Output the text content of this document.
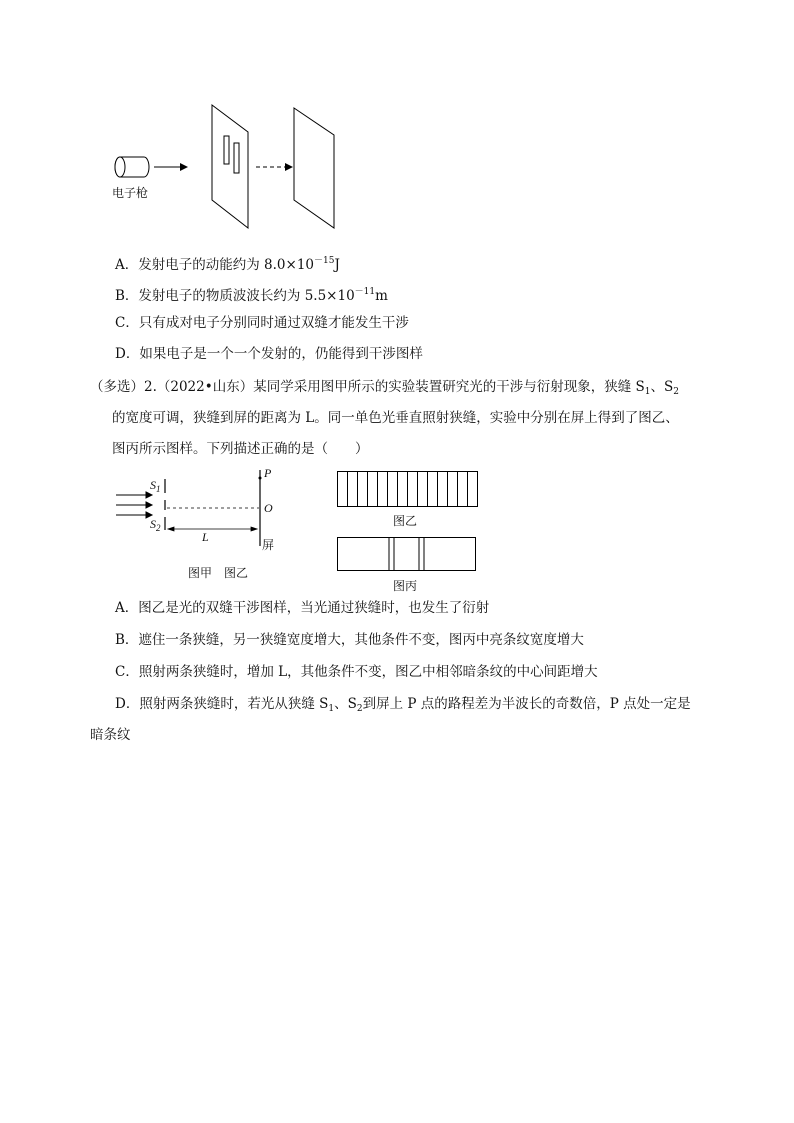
电子枪
A．发射电子的动能约为 $8.0\times 10^{-15}J$
B．发射电子的物质波波长约为 $5.5\times 10^{-11}m$
C．只有成对电子分别同时通过双缝才能发生干涉
D．如果电子是一个一个发射的，仍能得到干涉图样
（多选）2.（2022•山东）某同学采用图甲所示的实验装置研究光的干涉与衍射现象，狭缝 $S_1$、$S_2$
的宽度可调，狭缝到屏的距离为 L。同一单色光垂直照射狭缝，实验中分别在屏上得到了图乙、
图丙所示图样。下列描述正确的是（　　）
$S_1$
$S_2$
P
O
L
屏
图甲　图乙
图乙
图丙
A．图乙是光的双缝干涉图样，当光通过狭缝时，也发生了衍射
B．遮住一条狭缝，另一狭缝宽度增大，其他条件不变，图丙中亮条纹宽度增大
C．照射两条狭缝时，增加 L，其他条件不变，图乙中相邻暗条纹的中心间距增大
D．照射两条狭缝时，若光从狭缝 $S_1$、$S_2$到屏上 P 点的路程差为半波长的奇数倍，P 点处一定是
暗条纹
